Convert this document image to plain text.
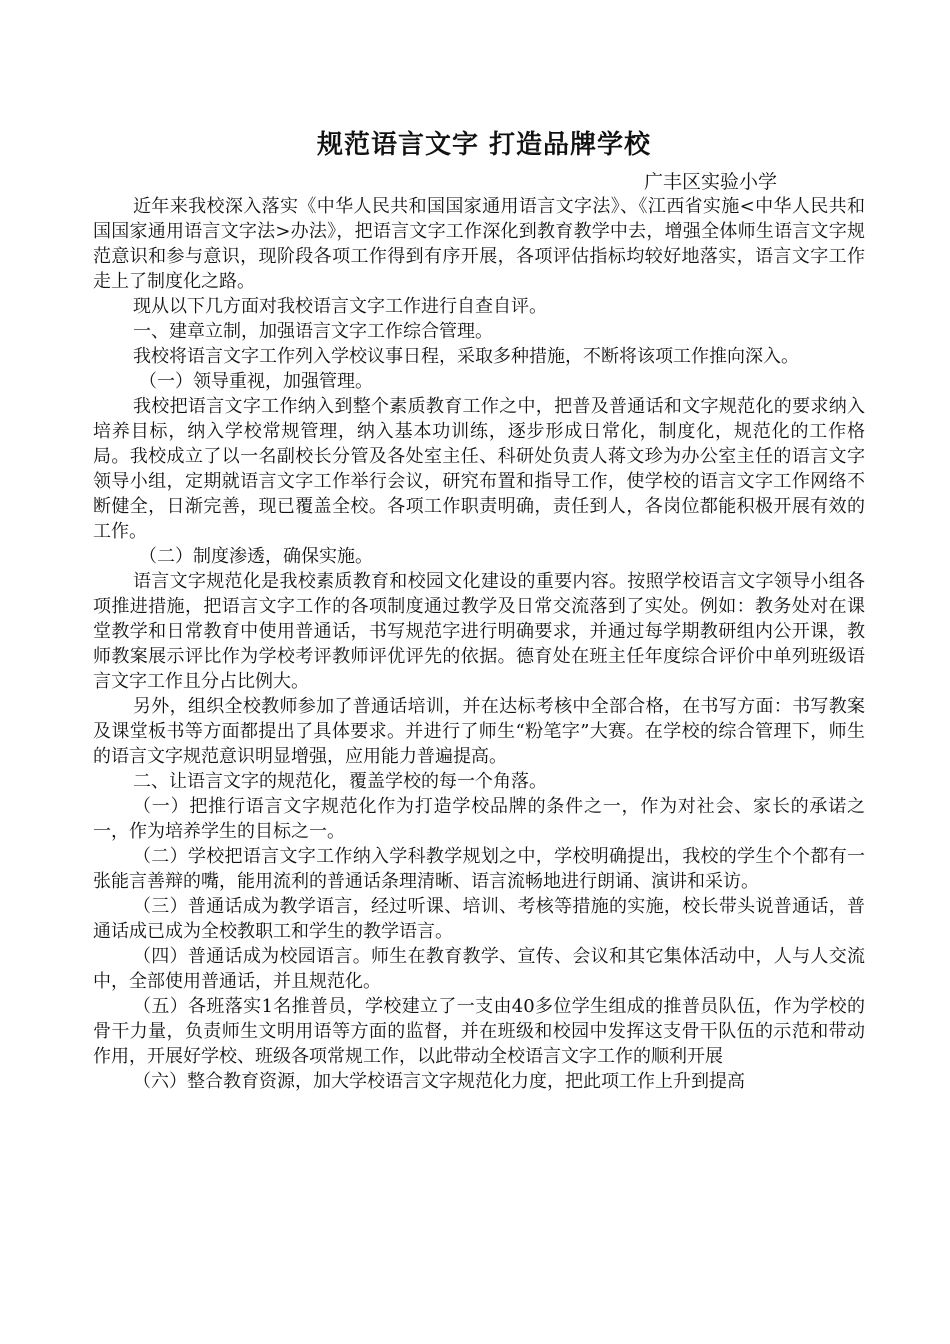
规范语言文字 打造品牌学校
广丰区实验小学

近年来我校深入落实《中华人民共和国国家通用语言文字法》、《江西省实施<中华人民共和国国家通用语言文字法>办法》，把语言文字工作深化到教育教学中去，增强全体师生语言文字规范意识和参与意识，现阶段各项工作得到有序开展，各项评估指标均较好地落实，语言文字工作走上了制度化之路。

现从以下几方面对我校语言文字工作进行自查自评。

一、建章立制，加强语言文字工作综合管理。

我校将语言文字工作列入学校议事日程，采取多种措施，不断将该项工作推向深入。

（一）领导重视，加强管理。

我校把语言文字工作纳入到整个素质教育工作之中，把普及普通话和文字规范化的要求纳入培养目标，纳入学校常规管理，纳入基本功训练，逐步形成日常化，制度化，规范化的工作格局。我校成立了以一名副校长分管及各处室主任、科研处负责人蒋文珍为办公室主任的语言文字领导小组，定期就语言文字工作举行会议，研究布置和指导工作，使学校的语言文字工作网络不断健全，日渐完善，现已覆盖全校。各项工作职责明确，责任到人，各岗位都能积极开展有效的工作。

（二）制度渗透，确保实施。

语言文字规范化是我校素质教育和校园文化建设的重要内容。按照学校语言文字领导小组各项推进措施，把语言文字工作的各项制度通过教学及日常交流落到了实处。例如：教务处对在课堂教学和日常教育中使用普通话，书写规范字进行明确要求，并通过每学期教研组内公开课，教师教案展示评比作为学校考评教师评优评先的依据。德育处在班主任年度综合评价中单列班级语言文字工作且分占比例大。

另外，组织全校教师参加了普通话培训，并在达标考核中全部合格，在书写方面：书写教案及课堂板书等方面都提出了具体要求。并进行了师生“粉笔字”大赛。在学校的综合管理下，师生的语言文字规范意识明显增强，应用能力普遍提高。

二、让语言文字的规范化，覆盖学校的每一个角落。

（一）把推行语言文字规范化作为打造学校品牌的条件之一，作为对社会、家长的承诺之一，作为培养学生的目标之一。

（二）学校把语言文字工作纳入学科教学规划之中，学校明确提出，我校的学生个个都有一张能言善辩的嘴，能用流利的普通话条理清晰、语言流畅地进行朗诵、演讲和采访。

（三）普通话成为教学语言，经过听课、培训、考核等措施的实施，校长带头说普通话，普通话成已成为全校教职工和学生的教学语言。

（四）普通话成为校园语言。师生在教育教学、宣传、会议和其它集体活动中，人与人交流中，全部使用普通话，并且规范化。

（五）各班落实1名推普员，学校建立了一支由40多位学生组成的推普员队伍，作为学校的骨干力量，负责师生文明用语等方面的监督，并在班级和校园中发挥这支骨干队伍的示范和带动作用，开展好学校、班级各项常规工作，以此带动全校语言文字工作的顺利开展

（六）整合教育资源，加大学校语言文字规范化力度，把此项工作上升到提高
